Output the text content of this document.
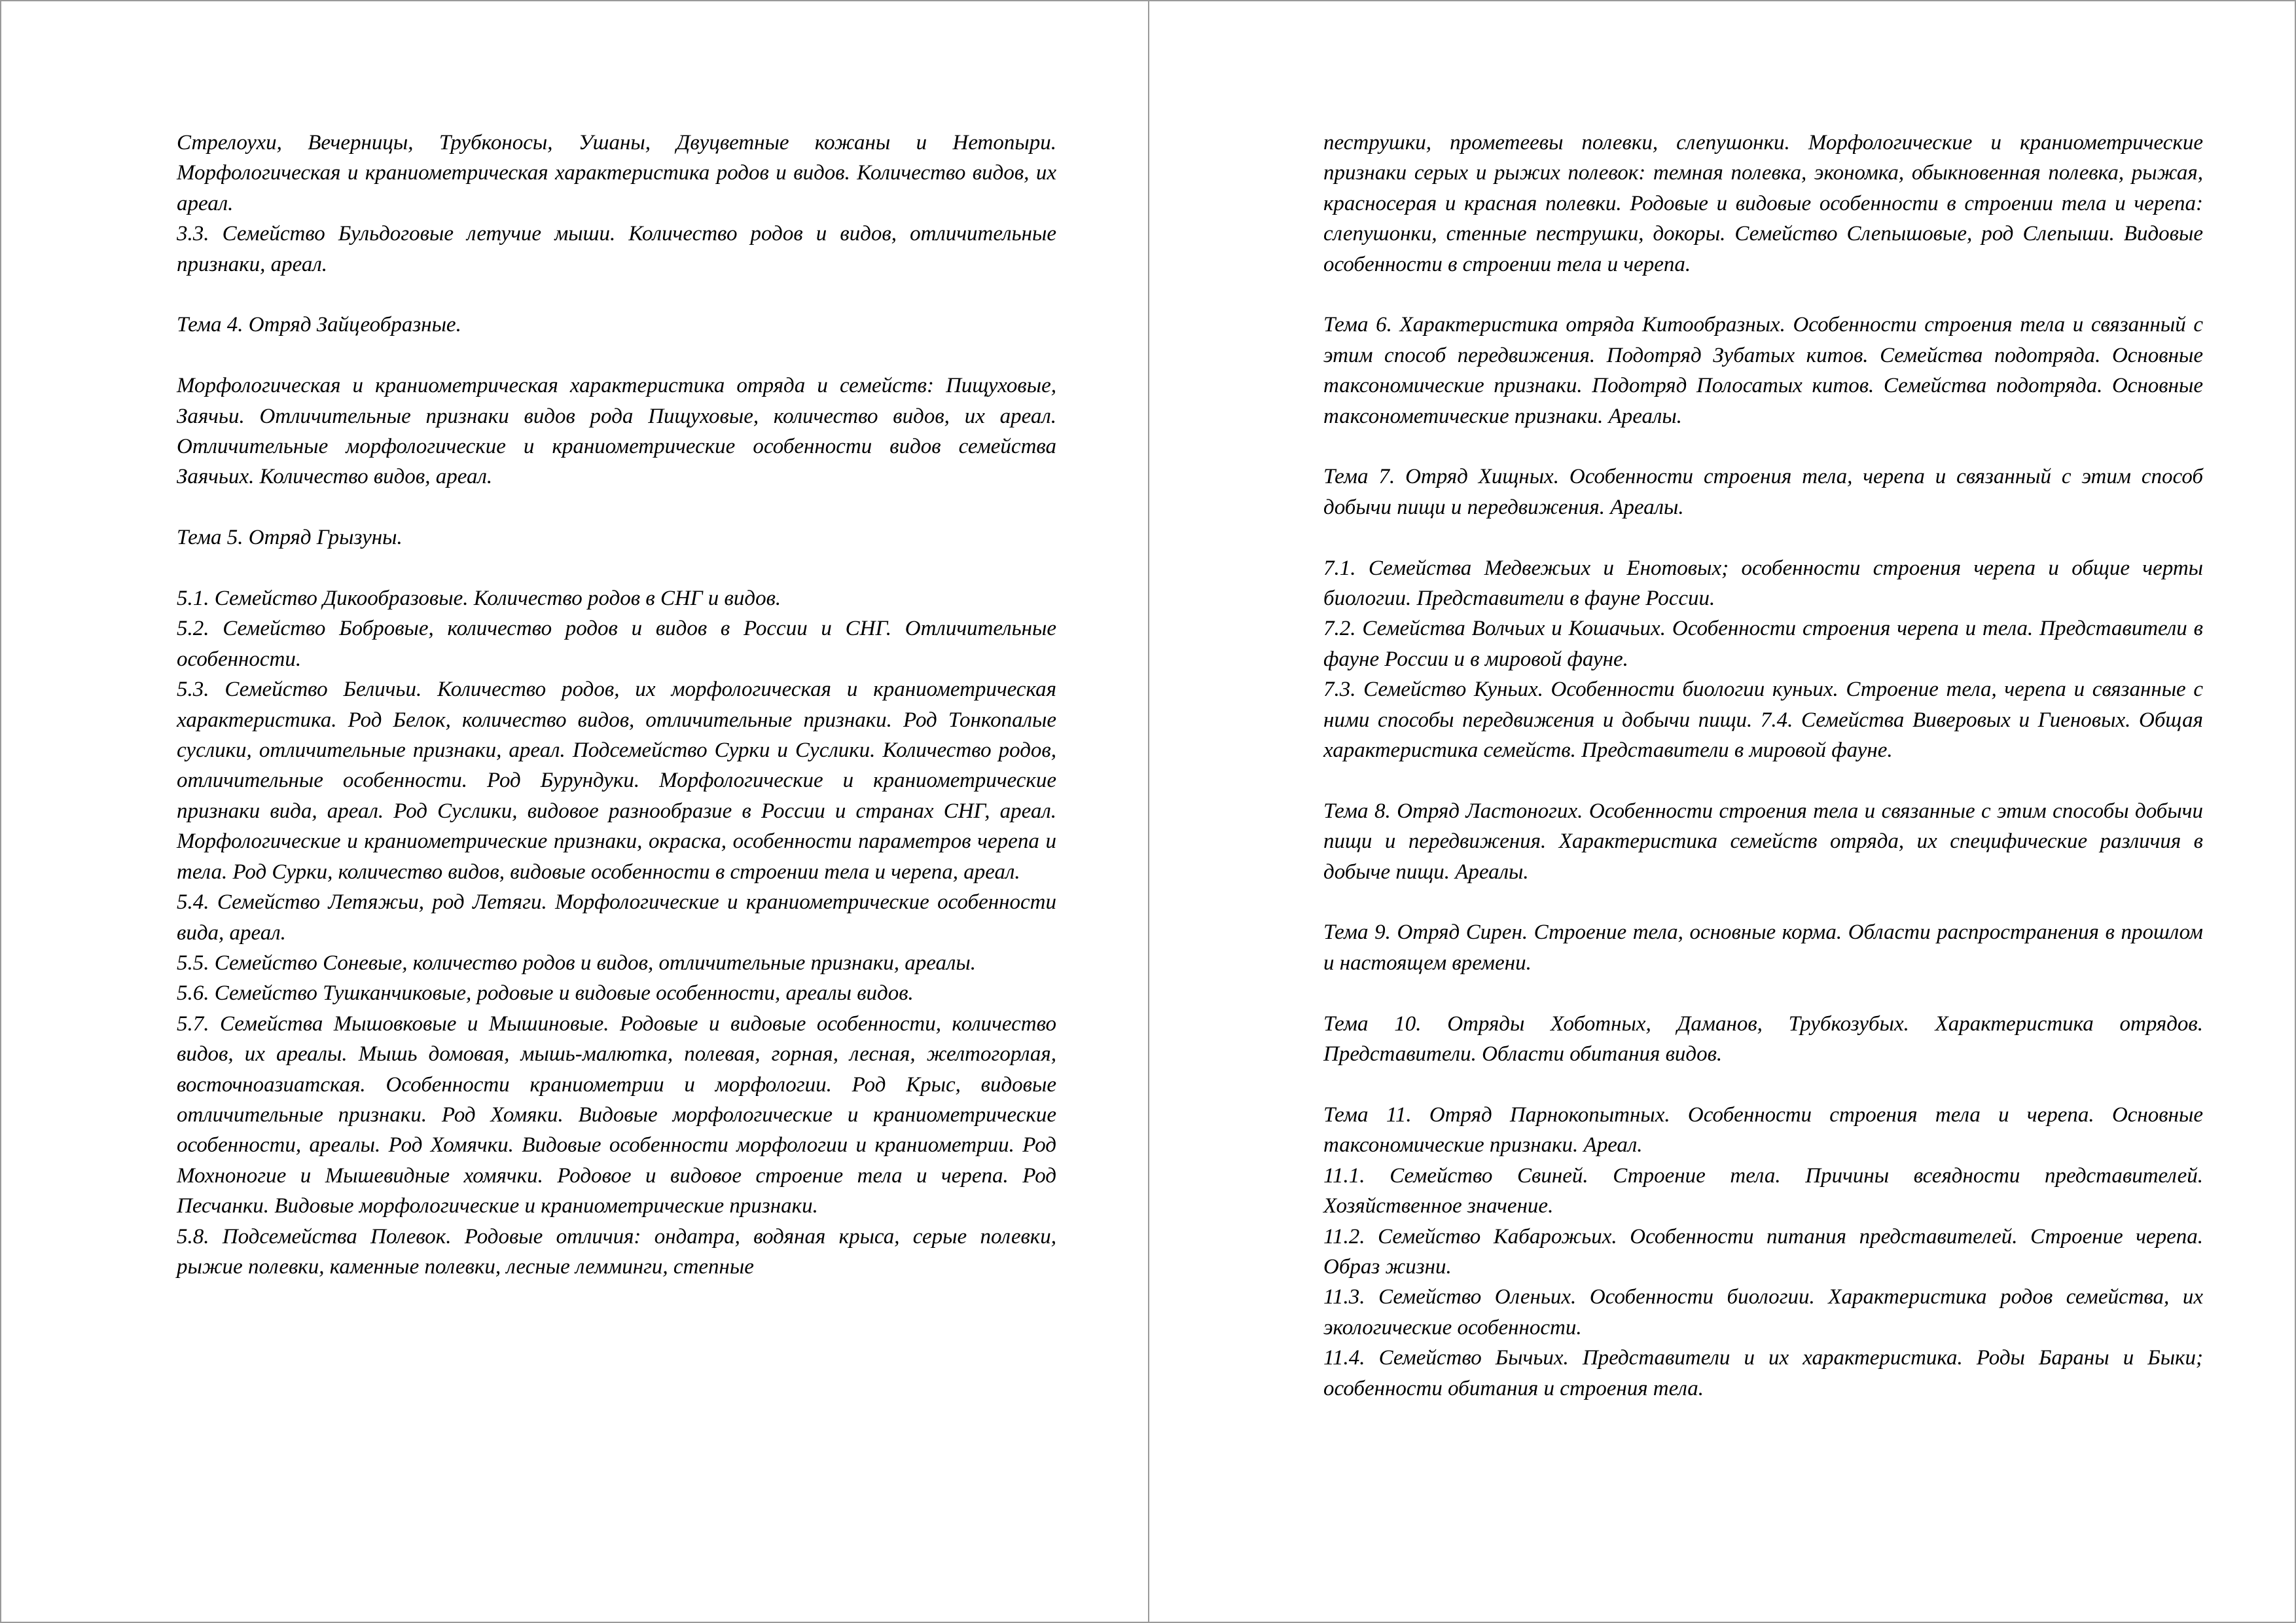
Стрелоухи, Вечерницы, Трубконосы, Ушаны, Двуцветные кожаны и Нетопыри. Морфологическая и краниометрическая характеристика родов и видов. Количество видов, их ареал.

3.3. Семейство Бульдоговые летучие мыши. Количество родов и видов, отличительные признаки, ареал.

Тема 4. Отряд Зайцеобразные.

Морфологическая и краниометрическая характеристика отряда и семейств: Пищуховые, Заячьи. Отличительные признаки видов рода Пищуховые, количество видов, их ареал. Отличительные морфологические и краниометрические особенности видов семейства Заячьих. Количество видов, ареал.

Тема 5. Отряд Грызуны.

5.1. Семейство Дикообразовые. Количество родов в СНГ и видов.

5.2. Семейство Бобровые, количество родов и видов в России и СНГ. Отличительные особенности.

5.3. Семейство Беличьи. Количество родов, их морфологическая и краниометрическая характеристика. Род Белок, количество видов, отличительные признаки. Род Тонкопалые суслики, отличительные признаки, ареал. Подсемейство Сурки и Суслики. Количество родов, отличительные особенности. Род Бурундуки. Морфологические и краниометрические признаки вида, ареал. Род Суслики, видовое разнообразие в России и странах СНГ, ареал. Морфологические и краниометрические признаки, окраска, особенности параметров черепа и тела. Род Сурки, количество видов, видовые особенности в строении тела и черепа, ареал.

5.4. Семейство Летяжьи, род Летяги. Морфологические и краниометрические особенности вида, ареал.

5.5. Семейство Соневые, количество родов и видов, отличительные признаки, ареалы.

5.6. Семейство Тушканчиковые, родовые и видовые особенности, ареалы видов.

5.7. Семейства Мышовковые и Мышиновые. Родовые и видовые особенности, количество видов, их ареалы. Мышь домовая, мышь-малютка, полевая, горная, лесная, желтогорлая, восточноазиатская. Особенности краниометрии и морфологии. Род Крыс, видовые отличительные признаки. Род Хомяки. Видовые морфологические и краниометрические особенности, ареалы. Род Хомячки. Видовые особенности морфологии и краниометрии. Род Мохноногие и Мышевидные хомячки. Родовое и видовое строение тела и черепа. Род Песчанки. Видовые морфологические и краниометрические признаки.

5.8. Подсемейства Полевок. Родовые отличия: ондатра, водяная крыса, серые полевки, рыжие полевки, каменные полевки, лесные лемминги, степные

пеструшки, прометеевы полевки, слепушонки. Морфологические и краниометрические признаки серых и рыжих полевок: темная полевка, экономка, обыкновенная полевка, рыжая, красносерая и красная полевки. Родовые и видовые особенности в строении тела и черепа: слепушонки, стенные пеструшки, докоры. Семейство Слепышовые, род Слепыши. Видовые особенности в строении тела и черепа.

Тема 6. Характеристика отряда Китообразных. Особенности строения тела и связанный с этим способ передвижения. Подотряд Зубатых китов. Семейства подотряда. Основные таксономические признаки. Подотряд Полосатых китов. Семейства подотряда. Основные таксонометические признаки. Ареалы.

Тема 7. Отряд Хищных. Особенности строения тела, черепа и связанный с этим способ добычи пищи и передвижения. Ареалы.

7.1. Семейства Медвежьих и Енотовых; особенности строения черепа и общие черты биологии. Представители в фауне России.

7.2. Семейства Волчьих и Кошачьих. Особенности строения черепа и тела. Представители в фауне России и в мировой фауне.

7.3. Семейство Куньих. Особенности биологии куньих. Строение тела, черепа и связанные с ними способы передвижения и добычи пищи. 7.4. Семейства Виверовых и Гиеновых. Общая характеристика семейств. Представители в мировой фауне.

Тема 8. Отряд Ластоногих. Особенности строения тела и связанные с этим способы добычи пищи и передвижения. Характеристика семейств отряда, их специфические различия в добыче пищи. Ареалы.

Тема 9. Отряд Сирен. Строение тела, основные корма. Области распространения в прошлом и настоящем времени.

Тема 10. Отряды Хоботных, Даманов, Трубкозубых. Характеристика отрядов. Представители. Области обитания видов.

Тема 11. Отряд Парнокопытных. Особенности строения тела и черепа. Основные таксономические признаки. Ареал.

11.1. Семейство Свиней. Строение тела. Причины всеядности представителей. Хозяйственное значение.

11.2. Семейство Кабарожьих. Особенности питания представителей. Строение черепа. Образ жизни.

11.3. Семейство Оленьих. Особенности биологии. Характеристика родов семейства, их экологические особенности.

11.4. Семейство Бычьих. Представители и их характеристика. Роды Бараны и Быки; особенности обитания и строения тела.
